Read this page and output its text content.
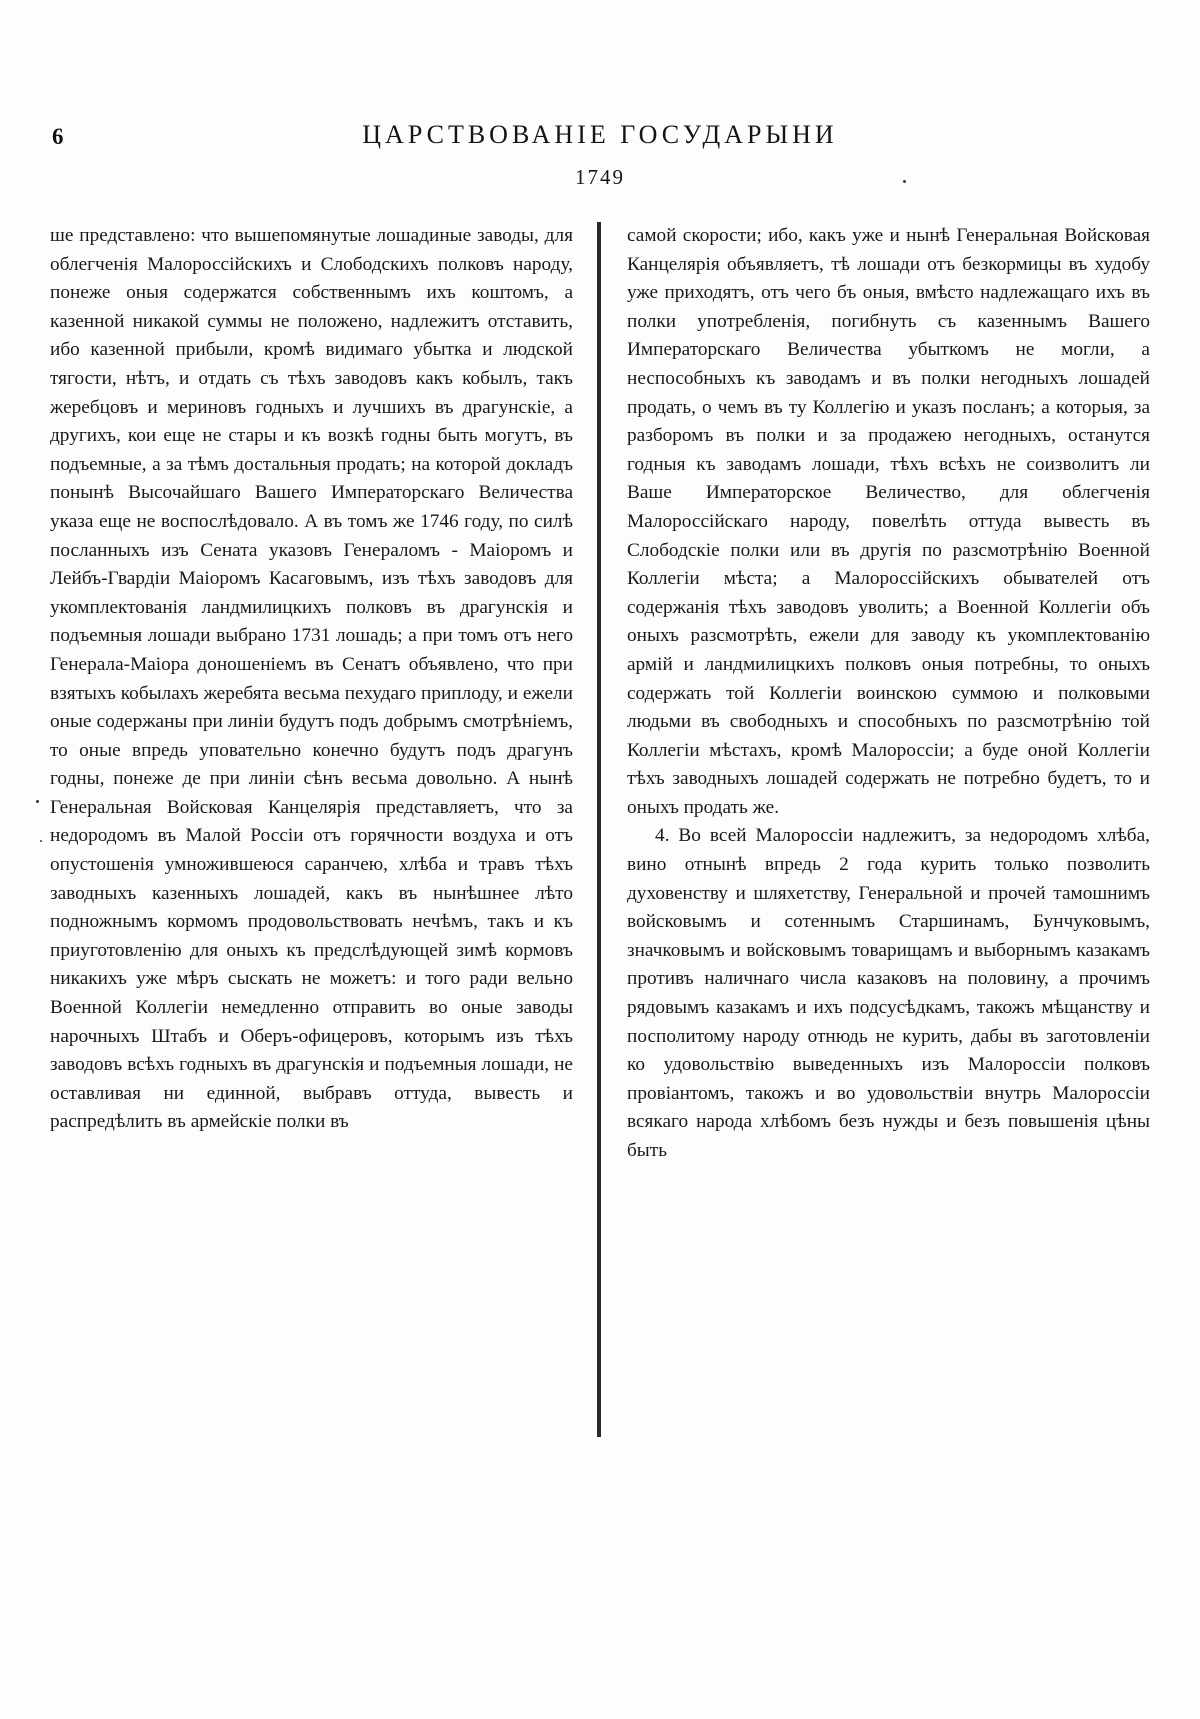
6	ЦАРСТВОВАНІЕ ГОСУДАРЫНИ
1749

ше представлено: что вышепомянутые лошадиные заводы, для облегченія Малороссійскихъ и Слободскихъ полковъ народу, понеже оныя содержатся собственнымъ ихъ коштомъ, а казенной никакой суммы не положено, надлежитъ отставить, ибо казенной прибыли, кромѣ видимаго убытка и людской тягости, нѣтъ, и отдать съ тѣхъ заводовъ какъ кобылъ, такъ жеребцовъ и мериновъ годныхъ и лучшихъ въ драгунскіе, а другихъ, кои еще не стары и къ возкѣ годны быть могутъ, въ подъемные, а за тѣмъ достальныя продать; на которой докладъ понынѣ Высочайшаго Вашего Императорскаго Величества указа еще не воспослѣдовало. А въ томъ же 1746 году, по силѣ посланныхъ изъ Сената указовъ Генераломъ - Маіоромъ и Лейбъ-Гвардіи Маіоромъ Касаговымъ, изъ тѣхъ заводовъ для укомплектованія ландмилицкихъ полковъ въ драгунскія и подъемныя лошади выбрано 1731 лошадь; а при томъ отъ него Генерала-Маіора доношеніемъ въ Сенатъ объявлено, что при взятыхъ кобылахъ жеребята весьма пехудаго приплоду, и ежели оные содержаны при линіи будутъ подъ добрымъ смотрѣніемъ, то оные впредь уповательно конечно будутъ подъ драгунъ годны, понеже де при линіи сѣнъ весьма довольно. А нынѣ Генеральная Войсковая Канцелярія представляетъ, что за недородомъ въ Малой Россіи отъ горячности воздуха и отъ опустошенія умножившеюся саранчею, хлѣба и травъ тѣхъ заводныхъ казенныхъ лошадей, какъ въ нынѣшнее лѣто подножнымъ кормомъ продовольствовать нечѣмъ, такъ и къ приуготовленію для оныхъ къ предслѣдующей зимѣ кормовъ никакихъ уже мѣръ сыскать не можетъ: и того ради вельно Военной Коллегіи немедленно отправить во оные заводы нарочныхъ Штабъ и Оберъ-офицеровъ, которымъ изъ тѣхъ заводовъ всѣхъ годныхъ въ драгунскія и подъемныя лошади, не оставливая ни единной, выбравъ оттуда, вывесть и распредѣлить въ армейскіе полки въ

самой скорости; ибо, какъ уже и нынѣ Генеральная Войсковая Канцелярія объявляетъ, тѣ лошади отъ безкормицы въ худобу уже приходятъ, отъ чего бъ оныя, вмѣсто надлежащаго ихъ въ полки употребленія, погибнуть съ казеннымъ Вашего Императорскаго Величества убыткомъ не могли, а неспособныхъ къ заводамъ и въ полки негодныхъ лошадей продать, о чемъ въ ту Коллегію и указъ посланъ; а которыя, за разборомъ въ полки и за продажею негодныхъ, останутся годныя къ заводамъ лошади, тѣхъ всѣхъ не соизволитъ ли Ваше Императорское Величество, для облегченія Малороссійскаго народу, повелѣть оттуда вывесть въ Слободскіе полки или въ другія по разсмотрѣнію Военной Коллегіи мѣста; а Малороссійскихъ обывателей отъ содержанія тѣхъ заводовъ уволить; а Военной Коллегіи объ оныхъ разсмотрѣть, ежели для заводу къ укомплектованію армій и ландмилицкихъ полковъ оныя потребны, то оныхъ содержать той Коллегіи воинскою суммою и полковыми людьми въ свободныхъ и способныхъ по разсмотрѣнію той Коллегіи мѣстахъ, кромѣ Малороссіи; а буде оной Коллегіи тѣхъ заводныхъ лошадей содержать не потребно будетъ, то и оныхъ продать же.

4. Во всей Малороссіи надлежитъ, за недородомъ хлѣба, вино отнынѣ впредь 2 года курить только позволить духовенству и шляхетству, Генеральной и прочей тамошнимъ войсковымъ и сотеннымъ Старшинамъ, Бунчуковымъ, значковымъ и войсковымъ товарищамъ и выборнымъ казакамъ противъ наличнаго числа казаковъ на половину, а прочимъ рядовымъ казакамъ и ихъ подсусѣдкамъ, такожъ мѣщанству и посполитому народу отнюдь не курить, дабы въ заготовленіи ко удовольствію выведенныхъ изъ Малороссіи полковъ провіантомъ, такожъ и во удовольствіи внутрь Малороссіи всякаго народа хлѣбомъ безъ нужды и безъ повышенія цѣны быть
